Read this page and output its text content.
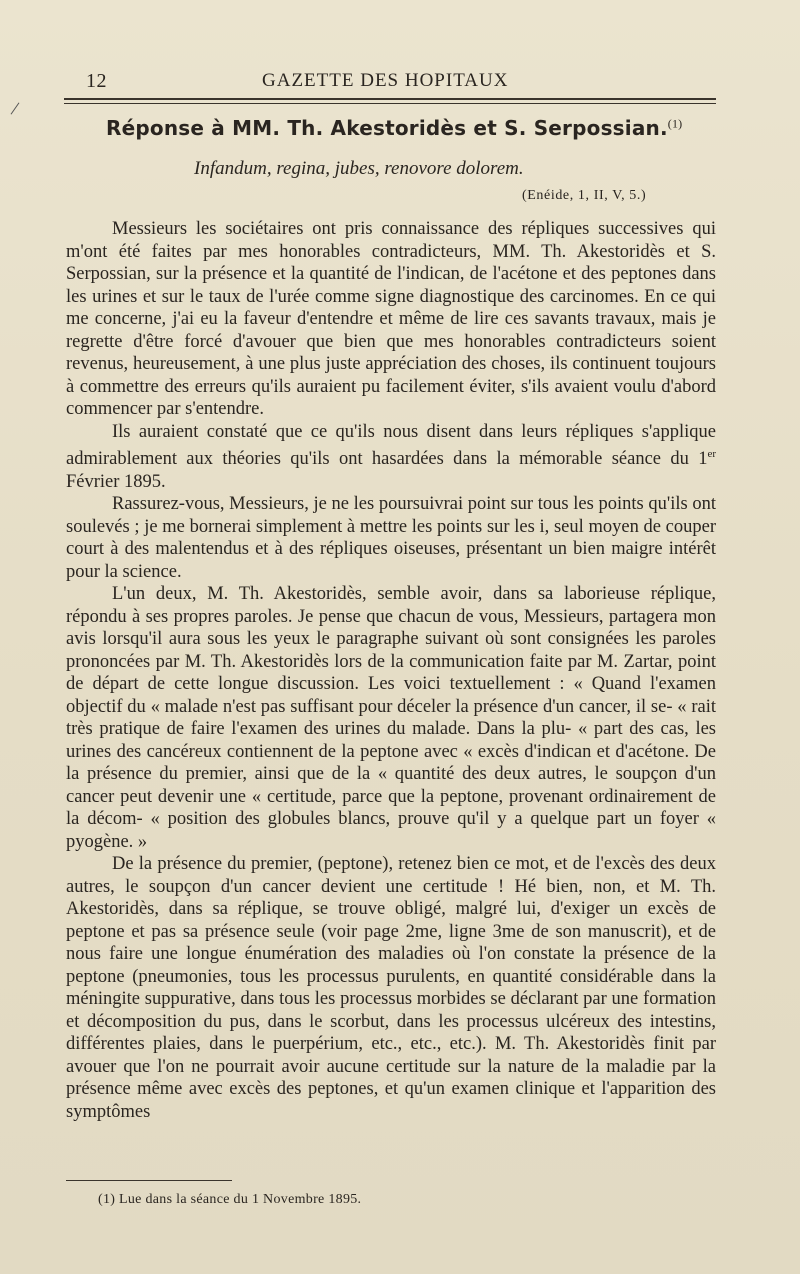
12	GAZETTE DES HOPITAUX
Réponse à MM. Th. Akestoridès et S. Serpossian.$^{(1)}$
Infandum, regina, jubes, renovore dolorem.
(Enéide, 1, II, V, 5.)

Messieurs les sociétaires ont pris connaissance des répliques successives qui m'ont été faites par mes honorables contradicteurs, MM. Th. Akestoridès et S. Serpossian, sur la présence et la quantité de l'indican, de l'acétone et des peptones dans les urines et sur le taux de l'urée comme signe diagnostique des carcinomes. En ce qui me concerne, j'ai eu la faveur d'entendre et même de lire ces savants travaux, mais je regrette d'être forcé d'avouer que bien que mes honorables contradicteurs soient revenus, heureusement, à une plus juste appréciation des choses, ils continuent toujours à commettre des erreurs qu'ils auraient pu facilement éviter, s'ils avaient voulu d'abord commencer par s'entendre.

Ils auraient constaté que ce qu'ils nous disent dans leurs répliques s'applique admirablement aux théories qu'ils ont hasardées dans la mémorable séance du 1er Février 1895.

Rassurez-vous, Messieurs, je ne les poursuivrai point sur tous les points qu'ils ont soulevés ; je me bornerai simplement à mettre les points sur les i, seul moyen de couper court à des malentendus et à des répliques oiseuses, présentant un bien maigre intérêt pour la science.

L'un deux, M. Th. Akestoridès, semble avoir, dans sa laborieuse réplique, répondu à ses propres paroles. Je pense que chacun de vous, Messieurs, partagera mon avis lorsqu'il aura sous les yeux le paragraphe suivant où sont consignées les paroles prononcées par M. Th. Akestoridès lors de la communication faite par M. Zartar, point de départ de cette longue discussion. Les voici textuellement : « Quand l'examen objectif du « malade n'est pas suffisant pour déceler la présence d'un cancer, il se- « rait très pratique de faire l'examen des urines du malade. Dans la plu- « part des cas, les urines des cancéreux contiennent de la peptone avec « excès d'indican et d'acétone. De la présence du premier, ainsi que de la « quantité des deux autres, le soupçon d'un cancer peut devenir une « certitude, parce que la peptone, provenant ordinairement de la décom- « position des globules blancs, prouve qu'il y a quelque part un foyer « pyogène. »

De la présence du premier, (peptone), retenez bien ce mot, et de l'excès des deux autres, le soupçon d'un cancer devient une certitude ! Hé bien, non, et M. Th. Akestoridès, dans sa réplique, se trouve obligé, malgré lui, d'exiger un excès de peptone et pas sa présence seule (voir page 2me, ligne 3me de son manuscrit), et de nous faire une longue énumération des maladies où l'on constate la présence de la peptone (pneumonies, tous les processus purulents, en quantité considérable dans la méningite suppurative, dans tous les processus morbides se déclarant par une formation et décomposition du pus, dans le scorbut, dans les processus ulcéreux des intestins, différentes plaies, dans le puerpérium, etc., etc., etc.). M. Th. Akestoridès finit par avouer que l'on ne pourrait avoir aucune certitude sur la nature de la maladie par la présence même avec excès des peptones, et qu'un examen clinique et l'apparition des symptômes

(1) Lue dans la séance du 1 Novembre 1895.
